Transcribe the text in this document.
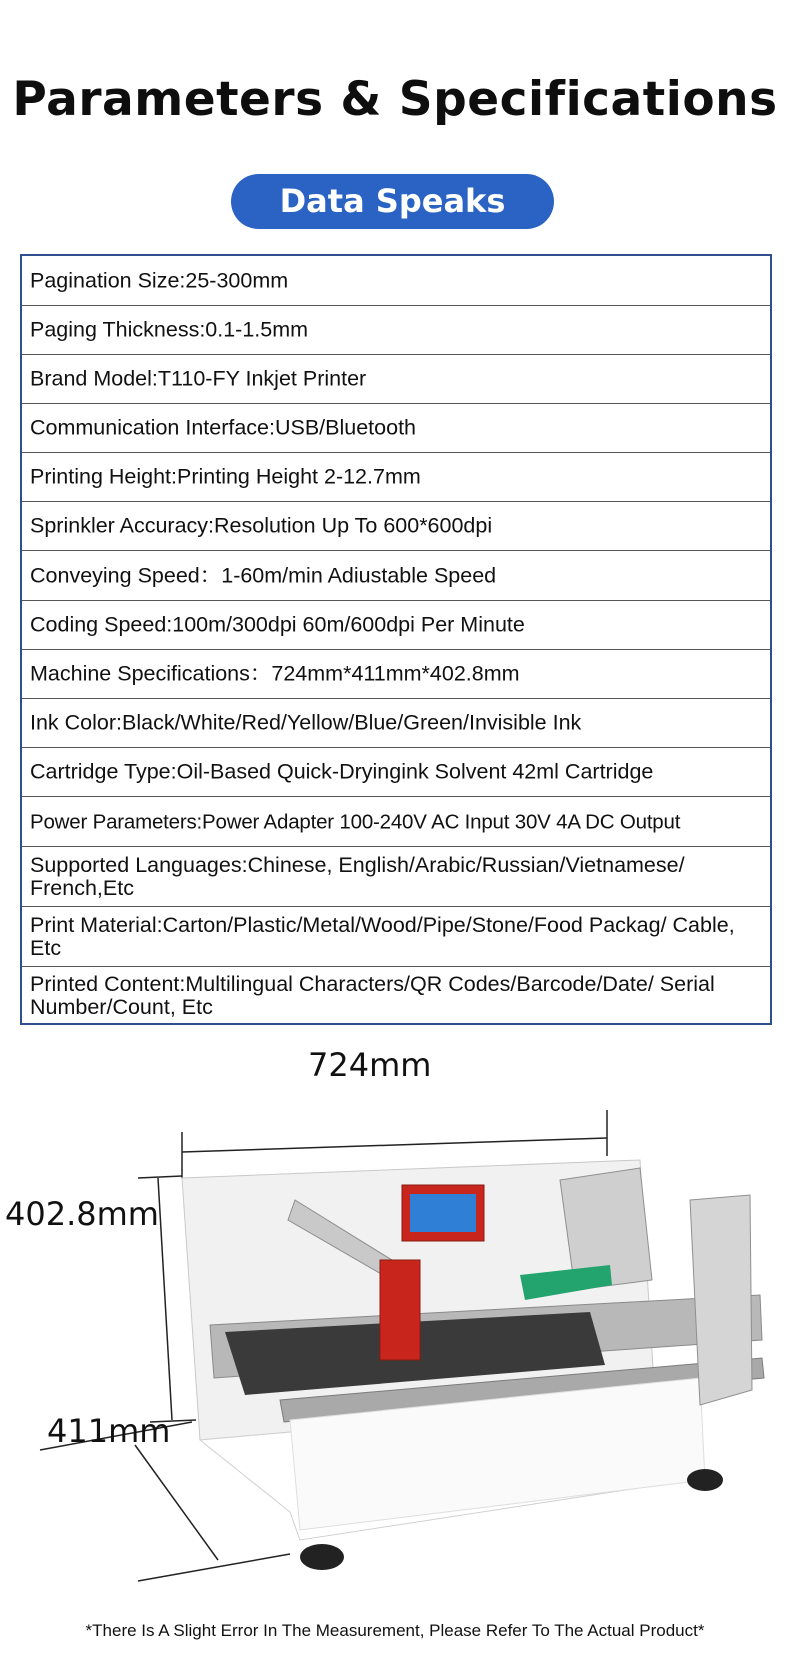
Parameters & Specifications
Data Speaks
Pagination Size:25-300mm
Paging Thickness:0.1-1.5mm
Brand Model:T110-FY Inkjet Printer
Communication Interface:USB/Bluetooth
Printing Height:Printing Height 2-12.7mm
Sprinkler Accuracy:Resolution Up To 600*600dpi
Conveying Speed：1-60m/min Adiustable Speed
Coding Speed:100m/300dpi 60m/600dpi Per Minute
Machine Specifications：724mm*411mm*402.8mm
Ink Color:Black/White/Red/Yellow/Blue/Green/Invisible Ink
Cartridge Type:Oil-Based Quick-Dryingink Solvent 42ml Cartridge
Power Parameters:Power Adapter 100-240V AC Input 30V 4A DC Output
Supported Languages:Chinese, English/Arabic/Russian/Vietnamese/ French,Etc
Print Material:Carton/Plastic/Metal/Wood/Pipe/Stone/Food Packag/ Cable, Etc
Printed Content:Multilingual Characters/QR Codes/Barcode/Date/ Serial Number/Count, Etc
724mm
402.8mm
411mm
*There Is A Slight Error In The Measurement, Please Refer To The Actual Product*
